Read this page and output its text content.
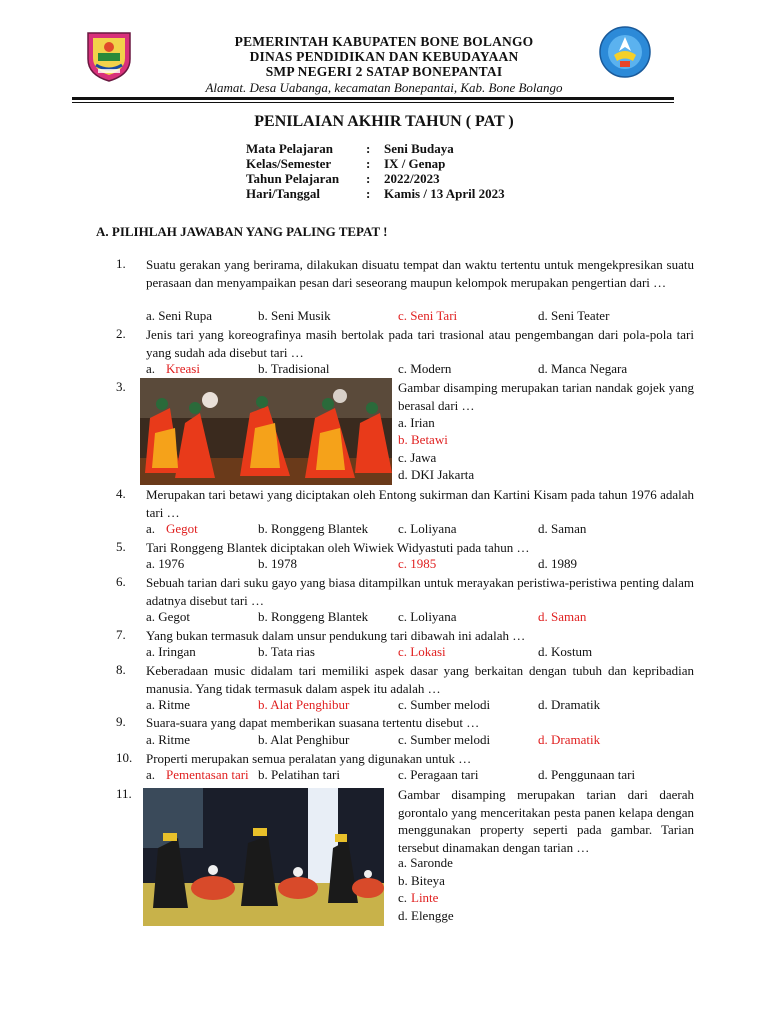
PEMERINTAH KABUPATEN BONE BOLANGO
DINAS PENDIDIKAN DAN KEBUDAYAAN
SMP NEGERI 2 SATAP BONEPANTAI
Alamat. Desa Uabanga, kecamatan Bonepantai, Kab. Bone Bolango
PENILAIAN AKHIR TAHUN ( PAT )
Mata Pelajaran	: Seni Budaya
Kelas/Semester	: IX / Genap
Tahun Pelajaran : 2022/2023
Hari/Tanggal	: Kamis / 13 April 2023
A. PILIHLAH JAWABAN YANG PALING TEPAT !
1. Suatu gerakan yang berirama, dilakukan disuatu tempat dan waktu tertentu untuk mengekpresikan suatu perasaan dan menyampaikan pesan dari seseorang maupun kelompok merupakan pengertian dari …
a. Seni Rupa	b. Seni Musik	c. Seni Tari	d. Seni Teater
2. Jenis tari yang koreografinya masih bertolak pada tari trasional atau pengembangan dari pola-pola tari yang sudah ada disebut tari …
a. Kreasi	b. Tradisional	c. Modern	d. Manca Negara
3.	Gambar disamping merupakan tarian nandak gojek yang berasal dari …
a. Irian
b. Betawi
c. Jawa
d. DKI Jakarta
4. Merupakan tari betawi yang diciptakan oleh Entong sukirman dan Kartini Kisam pada tahun 1976 adalah tari …
a. Gegot	b. Ronggeng Blantek c. Loliyana	d. Saman
5. Tari Ronggeng Blantek diciptakan oleh Wiwiek Widyastuti pada tahun …
a. 1976	b. 1978	c. 1985	d. 1989
6. Sebuah tarian dari suku gayo yang biasa ditampilkan untuk merayakan peristiwa-peristiwa penting dalam adatnya disebut tari …
a. Gegot	b. Ronggeng Blantek c. Loliyana	d. Saman
7. Yang bukan termasuk dalam unsur pendukung tari dibawah ini adalah …
a. Iringan	b. Tata rias	c. Lokasi	d. Kostum
8. Keberadaan music didalam tari memiliki aspek dasar yang berkaitan dengan tubuh dan kepribadian manusia. Yang tidak termasuk dalam aspek itu adalah …
a. Ritme	b. Alat Penghibur	c. Sumber melodi	d. Dramatik
9. Suara-suara yang dapat memberikan suasana tertentu disebut …
a. Ritme	b. Alat Penghibur	c. Sumber melodi	d. Dramatik
10. Properti merupakan semua peralatan yang digunakan untuk …
a. Pementasan tari b. Pelatihan tari	c. Peragaan tari	d. Penggunaan tari
11.	Gambar disamping merupakan tarian dari daerah gorontalo yang menceritakan pesta panen kelapa dengan menggunakan property seperti pada gambar. Tarian tersebut dinamakan dengan tarian …
a. Saronde
b. Biteya
c. Linte
d. Elengge
